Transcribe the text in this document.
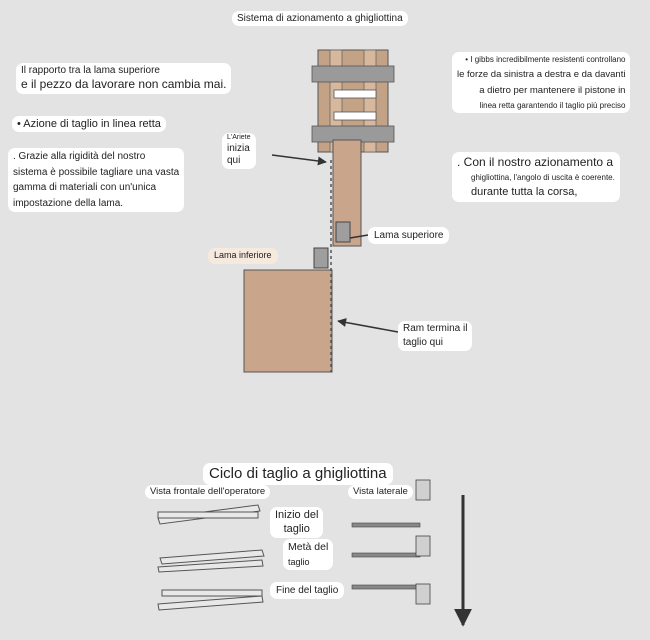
Sistema di azionamento a ghigliottina
Il rapporto tra la lama superiore
e il pezzo da lavorare non cambia mai.
• Azione di taglio in linea retta
. Grazie alla rigidità del nostro
sistema è possibile tagliare una vasta
gamma di materiali con un'unica
impostazione della lama.
L'Ariete
inizia
qui
• I gibbs incredibilmente resistenti controllano
le forze da sinistra a destra e da davanti
a dietro per mantenere il pistone in
linea retta garantendo il taglio più preciso
. Con il nostro azionamento a
ghigliottina, l'angolo di uscita è coerente.
durante tutta la corsa,
Lama superiore
Lama inferiore
Ram termina il
taglio qui
Ciclo di taglio a ghigliottina
Vista frontale dell'operatore	Vista laterale
Inizio del
taglio
Metà del
taglio
Fine del taglio
